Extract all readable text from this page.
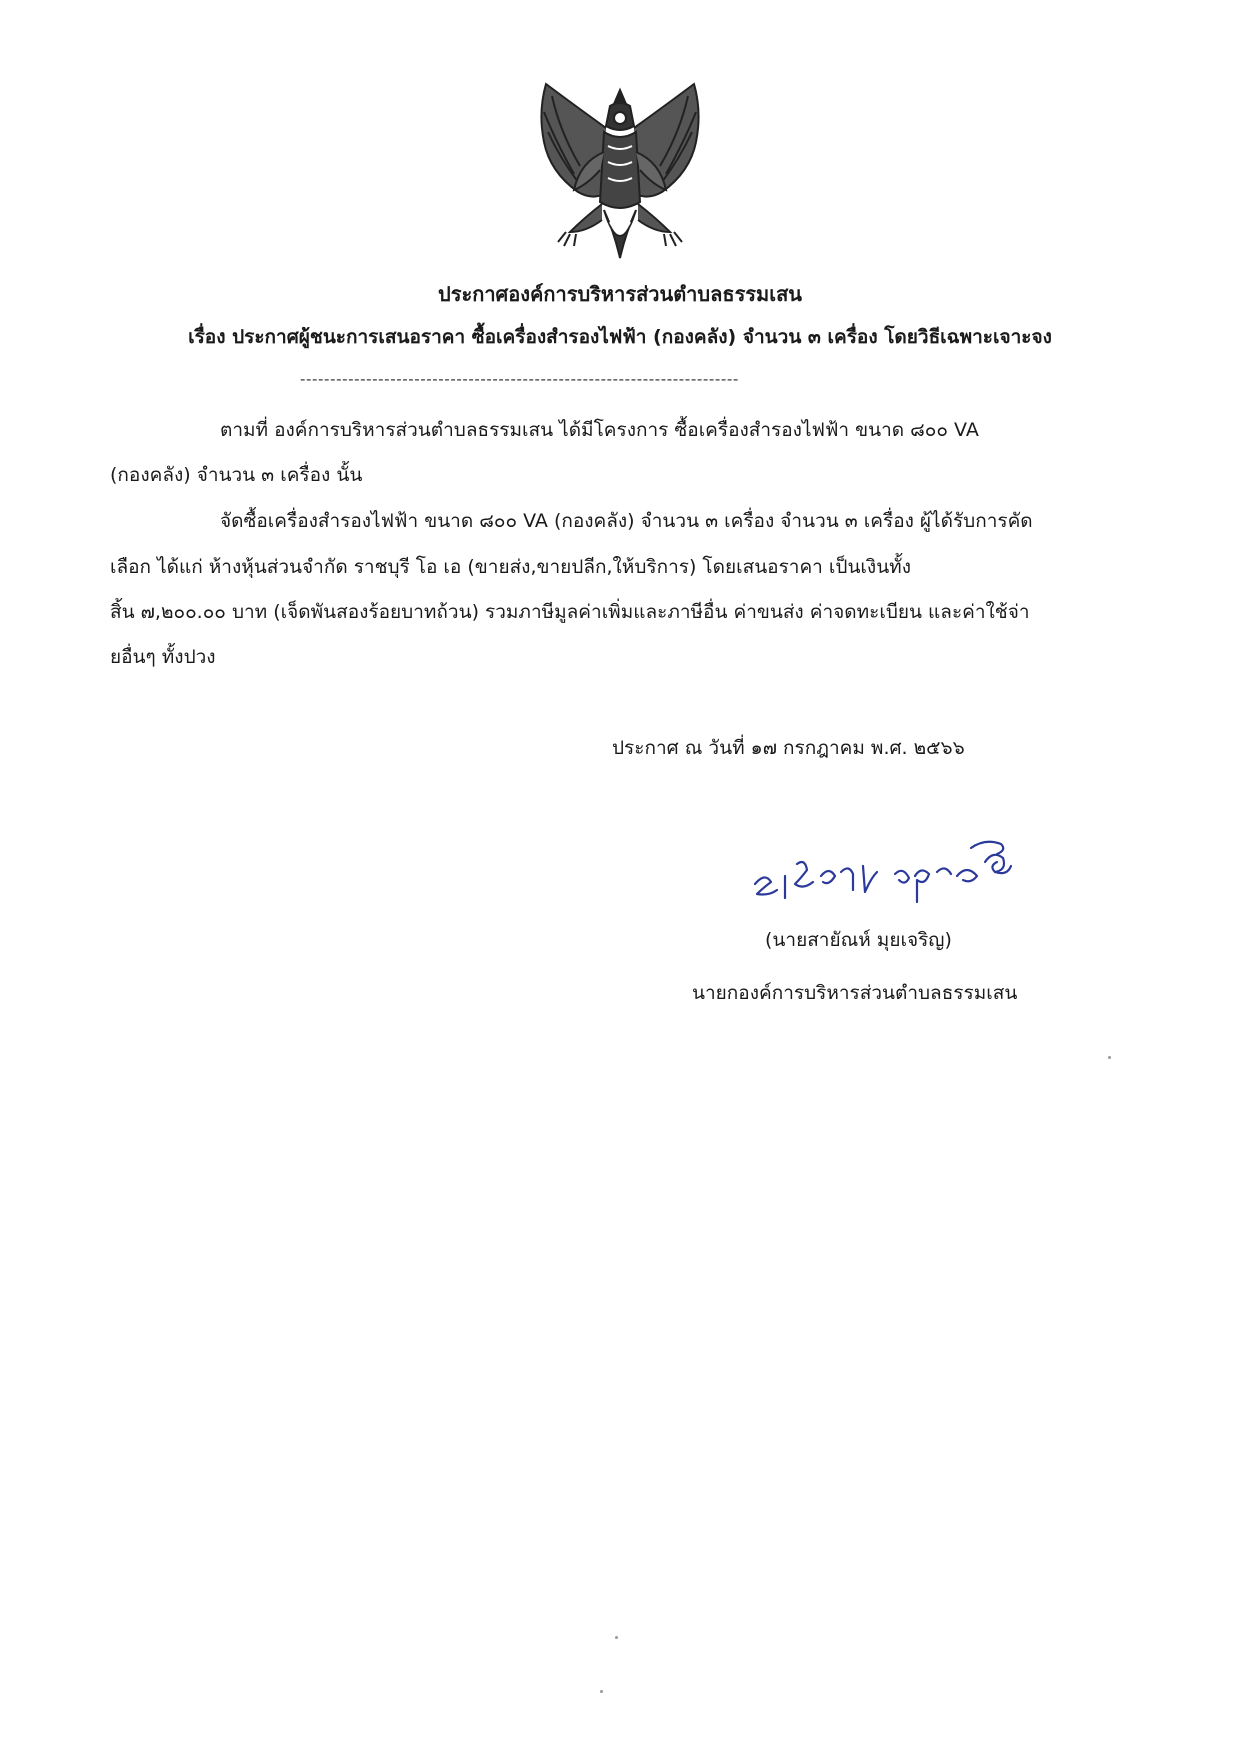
ประกาศองค์การบริหารส่วนตำบลธรรมเสน
เรื่อง ประกาศผู้ชนะการเสนอราคา ซื้อเครื่องสำรองไฟฟ้า (กองคลัง) จำนวน ๓ เครื่อง โดยวิธีเฉพาะเจาะจง
-------------------------------------------------------------------------
ตามที่ องค์การบริหารส่วนตำบลธรรมเสน ได้มีโครงการ ซื้อเครื่องสำรองไฟฟ้า ขนาด ๘๐๐ VA
(กองคลัง) จำนวน ๓ เครื่อง นั้น
จัดซื้อเครื่องสำรองไฟฟ้า ขนาด ๘๐๐ VA (กองคลัง) จำนวน ๓ เครื่อง จำนวน ๓ เครื่อง ผู้ได้รับการคัด
เลือก ได้แก่ ห้างหุ้นส่วนจำกัด ราชบุรี โอ เอ (ขายส่ง,ขายปลีก,ให้บริการ) โดยเสนอราคา เป็นเงินทั้ง
สิ้น ๗,๒๐๐.๐๐ บาท (เจ็ดพันสองร้อยบาทถ้วน) รวมภาษีมูลค่าเพิ่มและภาษีอื่น ค่าขนส่ง ค่าจดทะเบียน และค่าใช้จ่า
ยอื่นๆ ทั้งปวง
ประกาศ ณ วันที่ ๑๗ กรกฎาคม พ.ศ. ๒๕๖๖
(นายสายัณห์ มุยเจริญ)
นายกองค์การบริหารส่วนตำบลธรรมเสน
